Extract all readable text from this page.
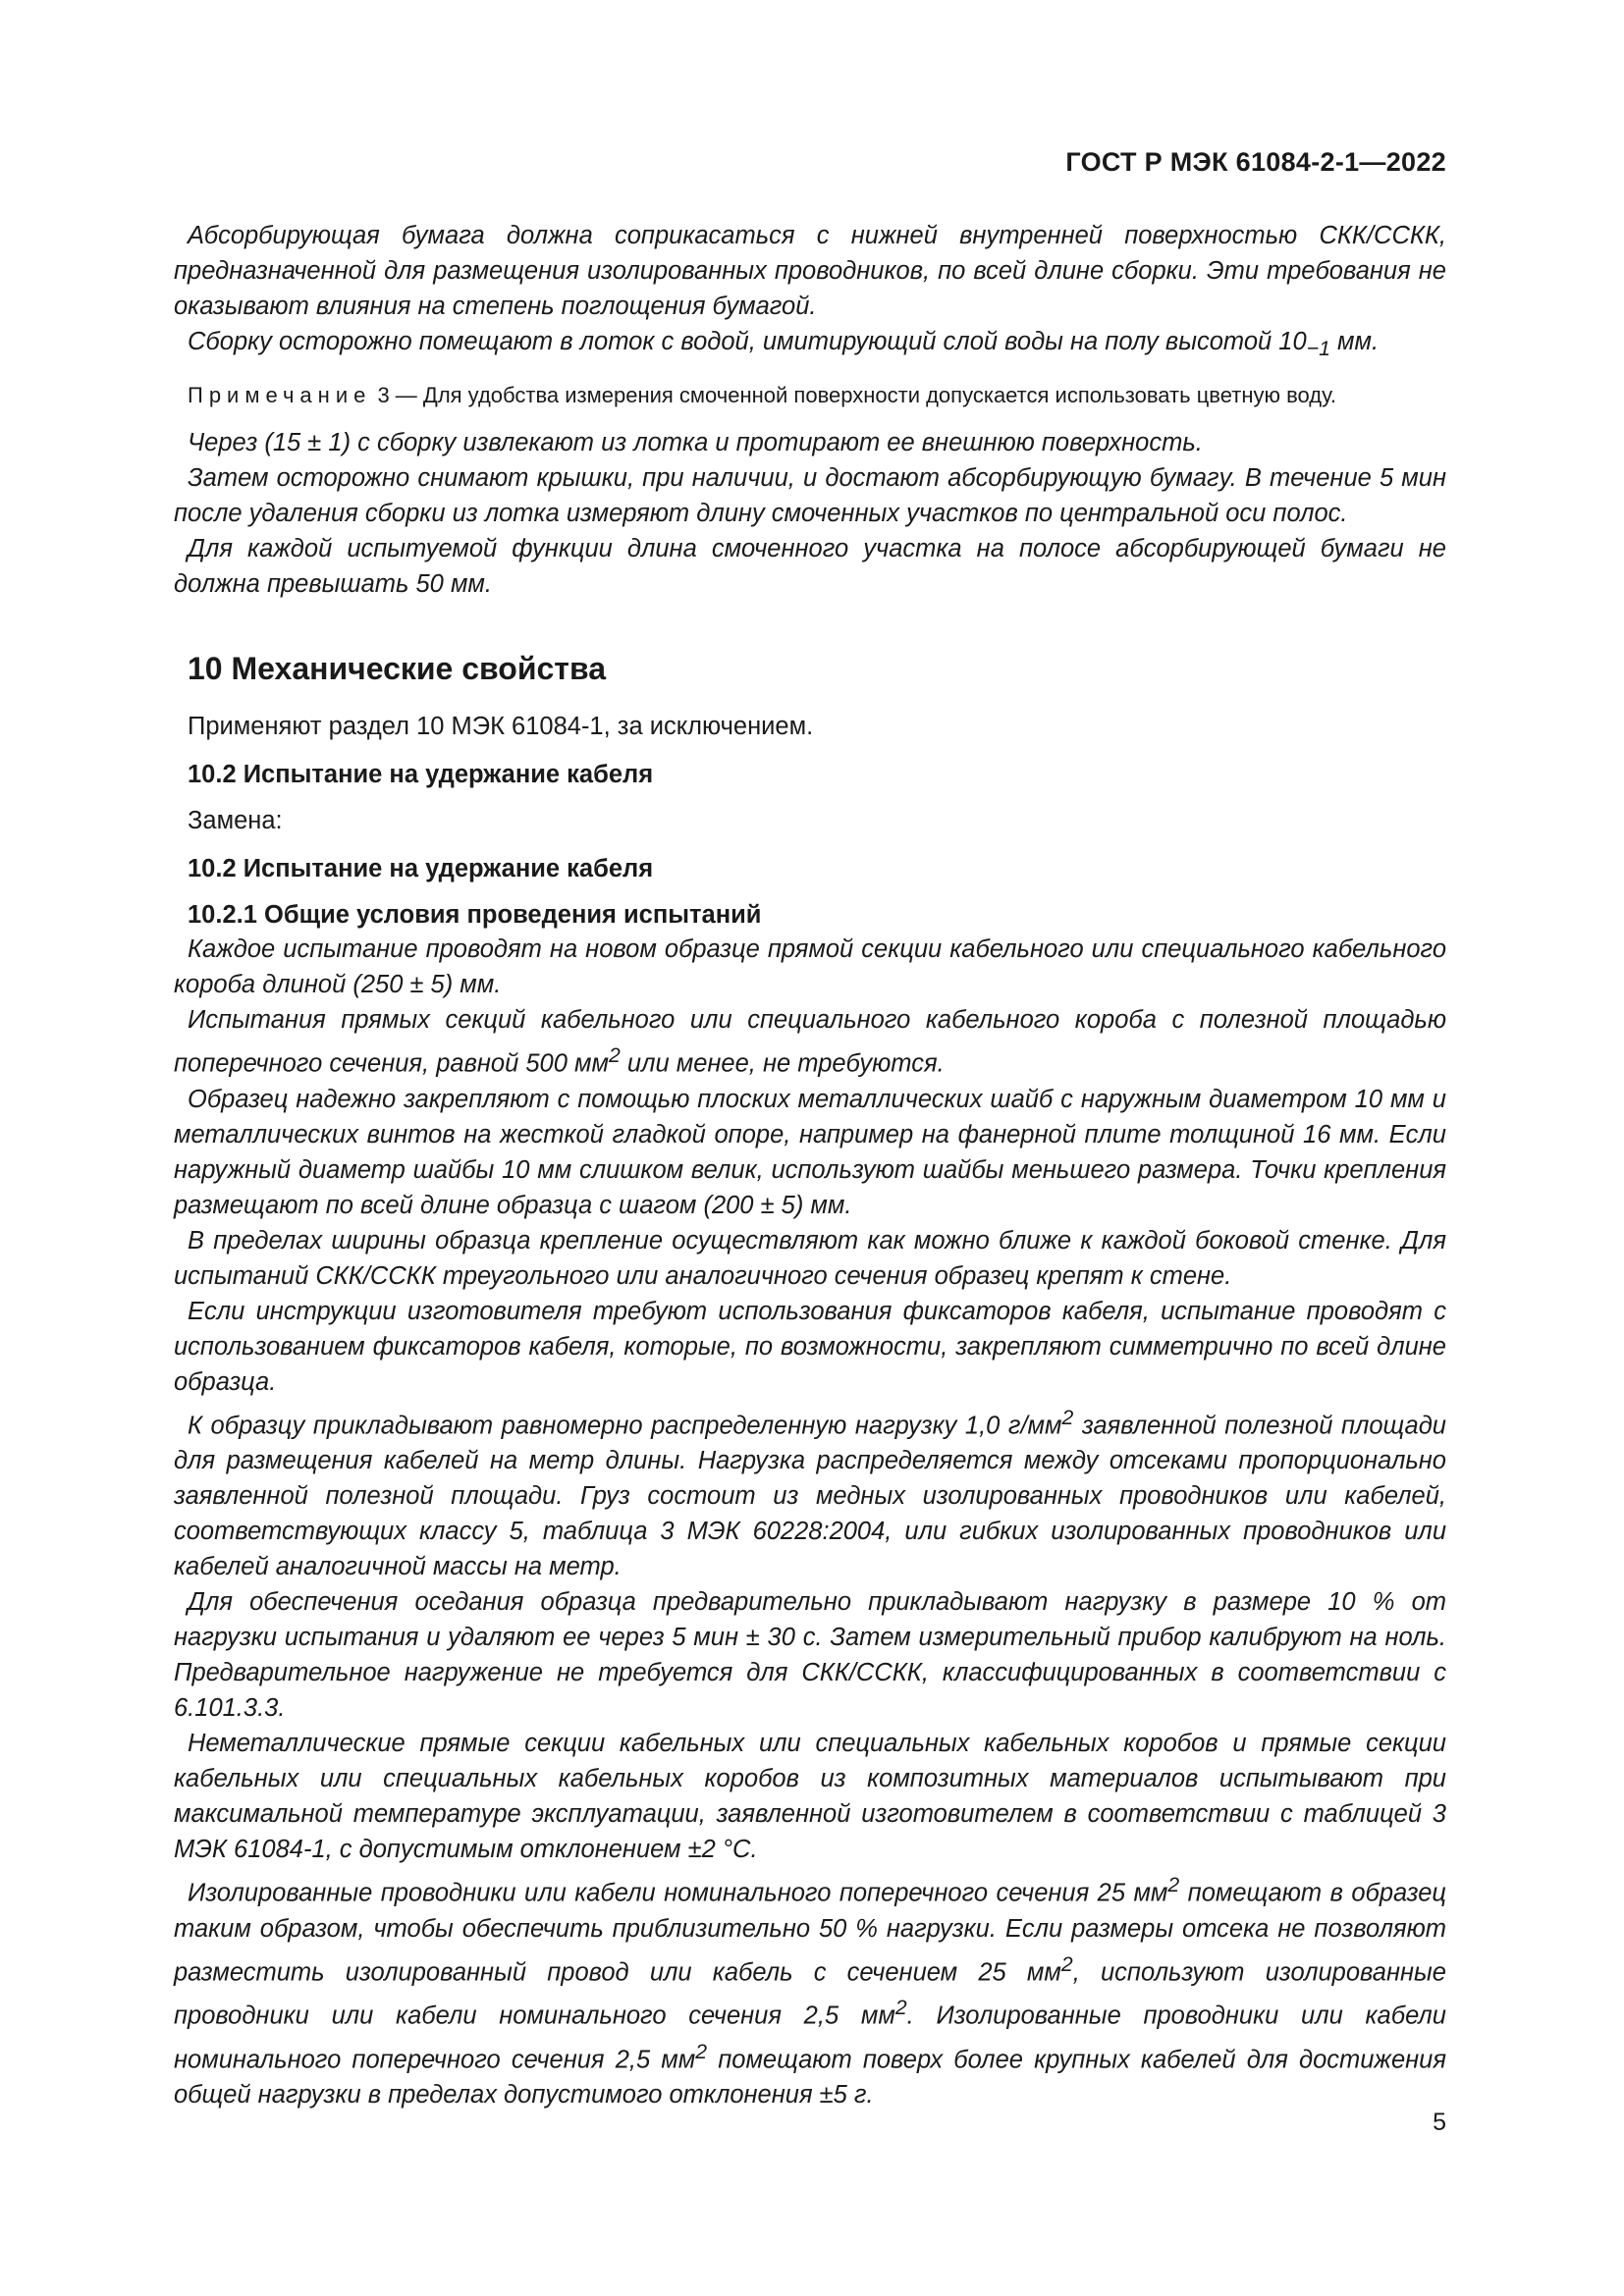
ГОСТ Р МЭК 61084-2-1—2022

Абсорбирующая бумага должна соприкасаться с нижней внутренней поверхностью СКК/ССКК, предназначенной для размещения изолированных проводников, по всей длине сборки. Эти требования не оказывают влияния на степень поглощения бумагой.

Сборку осторожно помещают в лоток с водой, имитирующий слой воды на полу высотой $10_{-1}$ мм.

Примечание 3 — Для удобства измерения смоченной поверхности допускается использовать цветную воду.

Через (15 ± 1) с сборку извлекают из лотка и протирают ее внешнюю поверхность.

Затем осторожно снимают крышки, при наличии, и достают абсорбирующую бумагу. В течение 5 мин после удаления сборки из лотка измеряют длину смоченных участков по центральной оси полос.

Для каждой испытуемой функции длина смоченного участка на полосе абсорбирующей бумаги не должна превышать 50 мм.

10 Механические свойства
Применяют раздел 10 МЭК 61084-1, за исключением.
10.2 Испытание на удержание кабеля
Замена:
10.2 Испытание на удержание кабеля
10.2.1 Общие условия проведения испытаний

Каждое испытание проводят на новом образце прямой секции кабельного или специального кабельного короба длиной (250 ± 5) мм.

Испытания прямых секций кабельного или специального кабельного короба с полезной площадью поперечного сечения, равной 500 $мм^2$ или менее, не требуются.

Образец надежно закрепляют с помощью плоских металлических шайб с наружным диаметром 10 мм и металлических винтов на жесткой гладкой опоре, например на фанерной плите толщиной 16 мм. Если наружный диаметр шайбы 10 мм слишком велик, используют шайбы меньшего размера. Точки крепления размещают по всей длине образца с шагом (200 ± 5) мм.

В пределах ширины образца крепление осуществляют как можно ближе к каждой боковой стенке. Для испытаний СКК/ССКК треугольного или аналогичного сечения образец крепят к стене.

Если инструкции изготовителя требуют использования фиксаторов кабеля, испытание проводят с использованием фиксаторов кабеля, которые, по возможности, закрепляют симметрично по всей длине образца.

К образцу прикладывают равномерно распределенную нагрузку 1,0 $г/мм^2$ заявленной полезной площади для размещения кабелей на метр длины. Нагрузка распределяется между отсеками пропорционально заявленной полезной площади. Груз состоит из медных изолированных проводников или кабелей, соответствующих классу 5, таблица 3 МЭК 60228:2004, или гибких изолированных проводников или кабелей аналогичной массы на метр.

Для обеспечения оседания образца предварительно прикладывают нагрузку в размере 10 % от нагрузки испытания и удаляют ее через 5 мин ± 30 с. Затем измерительный прибор калибруют на ноль. Предварительное нагружение не требуется для СКК/ССКК, классифицированных в соответствии с 6.101.3.3.

Неметаллические прямые секции кабельных или специальных кабельных коробов и прямые секции кабельных или специальных кабельных коробов из композитных материалов испытывают при максимальной температуре эксплуатации, заявленной изготовителем в соответствии с таблицей 3 МЭК 61084-1, с допустимым отклонением ±2 °С.

Изолированные проводники или кабели номинального поперечного сечения 25 $мм^2$ помещают в образец таким образом, чтобы обеспечить приблизительно 50 % нагрузки. Если размеры отсека не позволяют разместить изолированный провод или кабель с сечением 25 $мм^2$, используют изолированные проводники или кабели номинального сечения 2,5 $мм^2$. Изолированные проводники или кабели номинального поперечного сечения 2,5 $мм^2$ помещают поверх более крупных кабелей для достижения общей нагрузки в пределах допустимого отклонения ±5 г.

5
